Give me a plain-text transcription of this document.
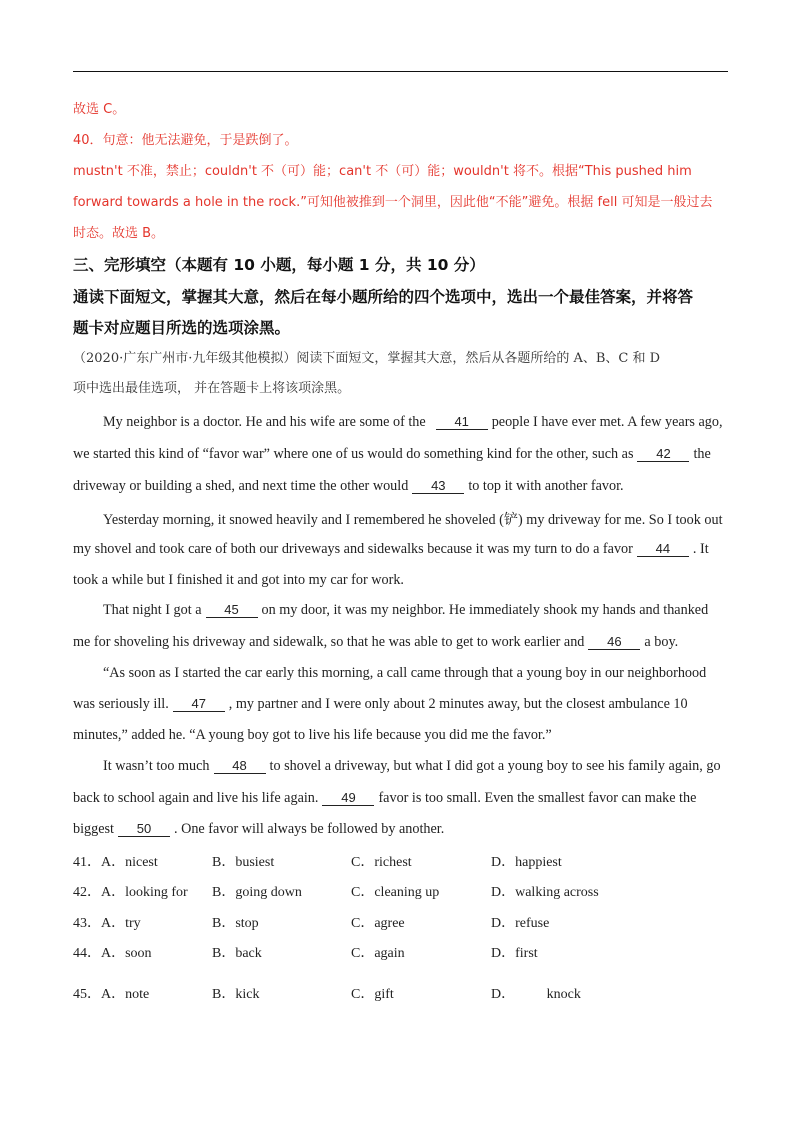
故选 C。
40．句意：他无法避免，于是跌倒了。
mustn't 不准，禁止；couldn't 不（可）能；can't 不（可）能；wouldn't 将不。根据“This pushed him
forward towards a hole in the rock.”可知他被推到一个洞里，因此他“不能”避免。根据 fell 可知是一般过去
时态。故选 B。
三、完形填空（本题有 10 小题，每小题 1 分，共 10 分）
通读下面短文，掌握其大意，然后在每小题所给的四个选项中，选出一个最佳答案，并将答
题卡对应题目所选的选项涂黑。
（2020·广东广州市·九年级其他模拟）阅读下面短文，掌握其大意，然后从各题所给的 A、B、C 和 D
项中选出最佳选项， 并在答题卡上将该项涂黑。
My neighbor is a doctor. He and his wife are some of the 41 people I have ever met. A few years ago,
we started this kind of “favor war” where one of us would do something kind for the other, such as 42 the
driveway or building a shed, and next time the other would 43 to top it with another favor.
Yesterday morning, it snowed heavily and I remembered he shoveled (铲) my driveway for me. So I took out
my shovel and took care of both our driveways and sidewalks because it was my turn to do a favor 44 . It
took a while but I finished it and got into my car for work.
That night I got a 45 on my door, it was my neighbor. He immediately shook my hands and thanked
me for shoveling his driveway and sidewalk, so that he was able to get to work earlier and 46 a boy.
“As soon as I started the car early this morning, a call came through that a young boy in our neighborhood
was seriously ill. 47 , my partner and I were only about 2 minutes away, but the closest ambulance 10
minutes,” added he. “A young boy got to live his life because you did me the favor.”
It wasn’t too much 48 to shovel a driveway, but what I did got a young boy to see his family again, go
back to school again and live his life again. 49 favor is too small. Even the smallest favor can make the
biggest 50 . One favor will always be followed by another.
41． A．nicest	B．busiest	C．richest	D．happiest
42． A．looking for B．going down	C．cleaning up	D．walking across
43． A．try	B．stop	C．agree	D．refuse
44． A．soon	B．back	C．again	D．first
45． A．note	B．kick	C．gift	D．         knock
